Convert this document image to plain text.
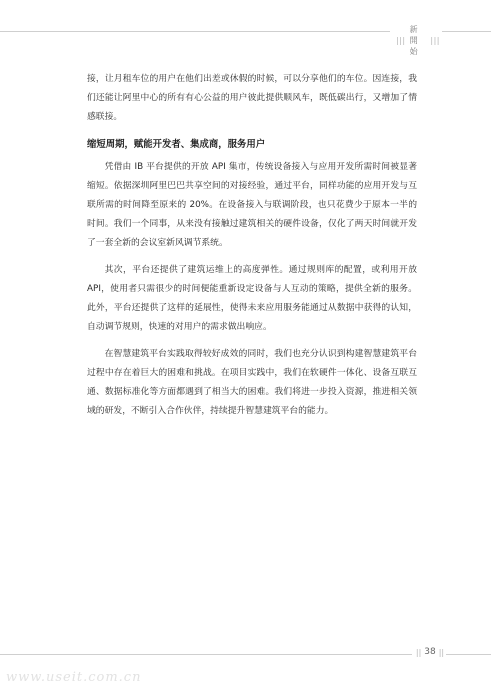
|||
新開始
|||

接，让月租车位的用户在他们出差或休假的时候，可以分享他们的车位。因连接，我们还能让阿里中心的所有有心公益的用户彼此提供顺风车，既低碳出行，又增加了情感联接。

缩短周期，赋能开发者、集成商，服务用户

凭借由 IB 平台提供的开放 API 集市，传统设备接入与应用开发所需时间被显著缩短。依据深圳阿里巴巴共享空间的对接经验，通过平台，同样功能的应用开发与互联所需的时间降至原来的 20%。在设备接入与联调阶段，也只花费少于原本一半的时间。我们一个同事，从来没有接触过建筑相关的硬件设备，仅化了两天时间就开发了一套全新的会议室新风调节系统。

其次，平台还提供了建筑运维上的高度弹性。通过规则库的配置，或利用开放 API，使用者只需很少的时间便能重新设定设备与人互动的策略，提供全新的服务。此外，平台还提供了这样的延展性，使得未来应用服务能通过从数据中获得的认知，自动调节规则，快速的对用户的需求做出响应。

在智慧建筑平台实践取得较好成效的同时，我们也充分认识到构建智慧建筑平台过程中存在着巨大的困难和挑战。在项目实践中，我们在软硬件一体化、设备互联互通、数据标准化等方面都遇到了相当大的困难。我们将进一步投入资源，推进相关领域的研发，不断引入合作伙伴，持续提升智慧建筑平台的能力。

|| 38 ||
www.useit.com.cn
